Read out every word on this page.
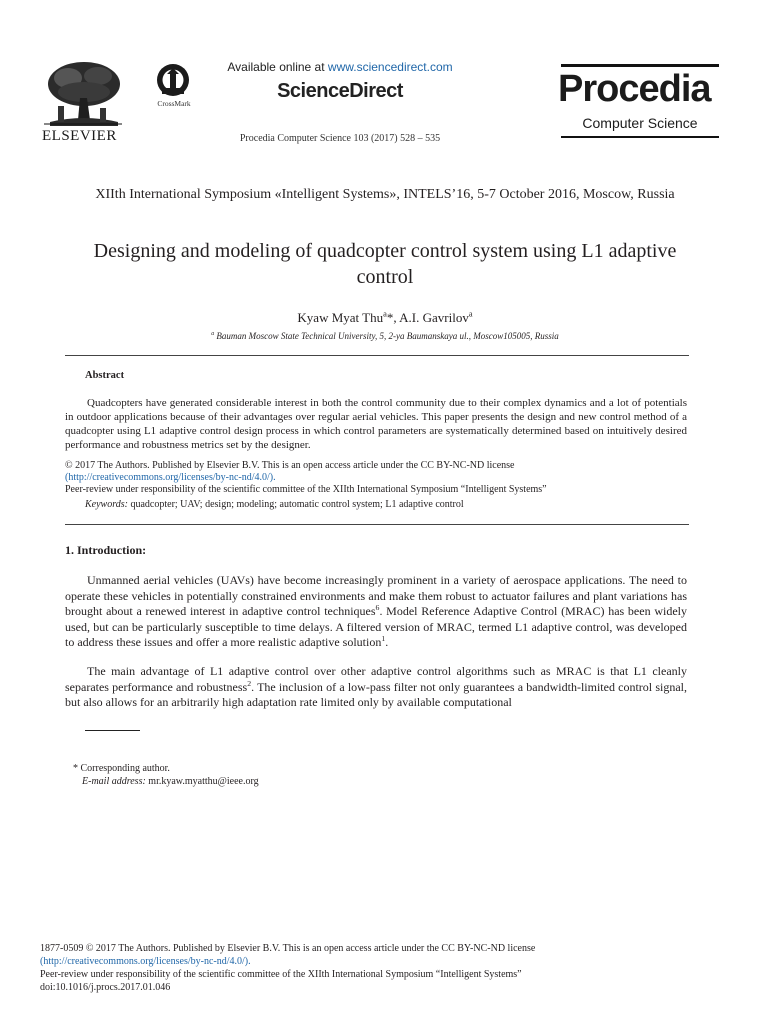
ELSEVIER
CrossMark
Available online at www.sciencedirect.com
ScienceDirect
Procedia Computer Science 103 (2017) 528 – 535
Procedia
Computer Science
XIIth International Symposium «Intelligent Systems», INTELS’16, 5-7 October 2016, Moscow, Russia
Designing and modeling of quadcopter control system using L1 adaptive control
Kyaw Myat Thu$^a$*, A.I. Gavrilov$^a$
$^a$ Bauman Moscow State Technical University, 5, 2-ya Baumanskaya ul., Moscow105005, Russia
Abstract

Quadcopters have generated considerable interest in both the control community due to their complex dynamics and a lot of potentials in outdoor applications because of their advantages over regular aerial vehicles. This paper presents the design and new control method of a quadcopter using L1 adaptive control design process in which control parameters are systematically determined based on intuitively desired performance and robustness metrics set by the designer.

© 2017 The Authors. Published by Elsevier B.V. This is an open access article under the CC BY-NC-ND license
(http://creativecommons.org/licenses/by-nc-nd/4.0/).
Peer-review under responsibility of the scientific committee of the XIIth International Symposium “Intelligent Systems”
Keywords: quadcopter; UAV; design; modeling; automatic control system; L1 adaptive control
1. Introduction:

Unmanned aerial vehicles (UAVs) have become increasingly prominent in a variety of aerospace applications. The need to operate these vehicles in potentially constrained environments and make them robust to actuator failures and plant variations has brought about a renewed interest in adaptive control techniques$^6$. Model Reference Adaptive Control (MRAC) has been widely used, but can be particularly susceptible to time delays. A filtered version of MRAC, termed L1 adaptive control, was developed to address these issues and offer a more realistic adaptive solution$^1$.

The main advantage of L1 adaptive control over other adaptive control algorithms such as MRAC is that L1 cleanly separates performance and robustness$^2$. The inclusion of a low-pass filter not only guarantees a bandwidth-limited control signal, but also allows for an arbitrarily high adaptation rate limited only by available computational

* Corresponding author.
E-mail address: mr.kyaw.myatthu@ieee.org
1877-0509 © 2017 The Authors. Published by Elsevier B.V. This is an open access article under the CC BY-NC-ND license
(http://creativecommons.org/licenses/by-nc-nd/4.0/).
Peer-review under responsibility of the scientific committee of the XIIth International Symposium “Intelligent Systems”
doi:10.1016/j.procs.2017.01.046
